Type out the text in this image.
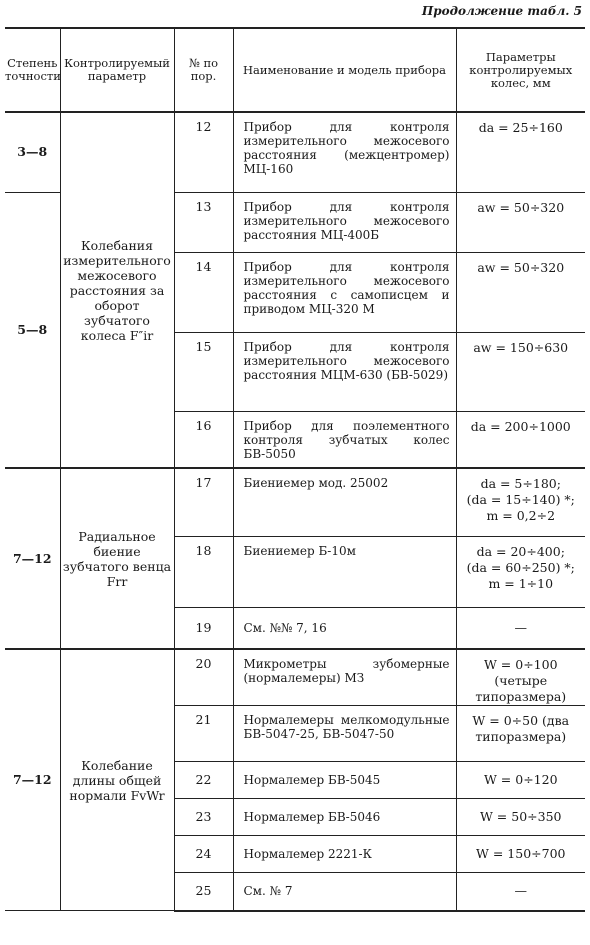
Продолжение табл. 5
Степень точности	Контролируемый параметр	№ по пор.	Наименование и модель прибора	Параметры контролируемых колес, мм
3—8	Колебания измерительного межосевого расстояния за оборот зубчатого колеса F″ir	12	Прибор для контроля измерительного межосевого расстояния (межцентромер) МЦ-160	da = 25÷160
5—8		13	Прибор для контроля измерительного межосевого расстояния МЦ-400Б	aw = 50÷320
		14	Прибор для контроля измерительного межосевого расстояния с самописцем и приводом МЦ-320 М	aw = 50÷320
		15	Прибор для контроля измерительного межосевого расстояния МЦМ-630 (БВ-5029)	aw = 150÷630
		16	Прибор для поэлементного контроля зубчатых колес БВ-5050	da = 200÷1000
7—12	Радиальное биение зубчатого венца Frr	17	Биениемер мод. 25002	da = 5÷180;
(da = 15÷140) *;
m = 0,2÷2

		18	Биениемер Б-10м	da = 20÷400;
(da = 60÷250) *;
m = 1÷10

		19	См. №№ 7, 16	—
7—12	Колебание длины общей нормали FvWr	20	Микрометры зубомерные (нормалемеры) МЗ	W = 0÷100 (четыре типоразмера)
		21	Нормалемеры мелкомодульные БВ-5047-25, БВ-5047-50	W = 0÷50 (два типоразмера)
		22	Нормалемер БВ-5045	W = 0÷120
		23	Нормалемер БВ-5046	W = 50÷350
		24	Нормалемер 2221-К	W = 150÷700
		25	См. № 7	—
